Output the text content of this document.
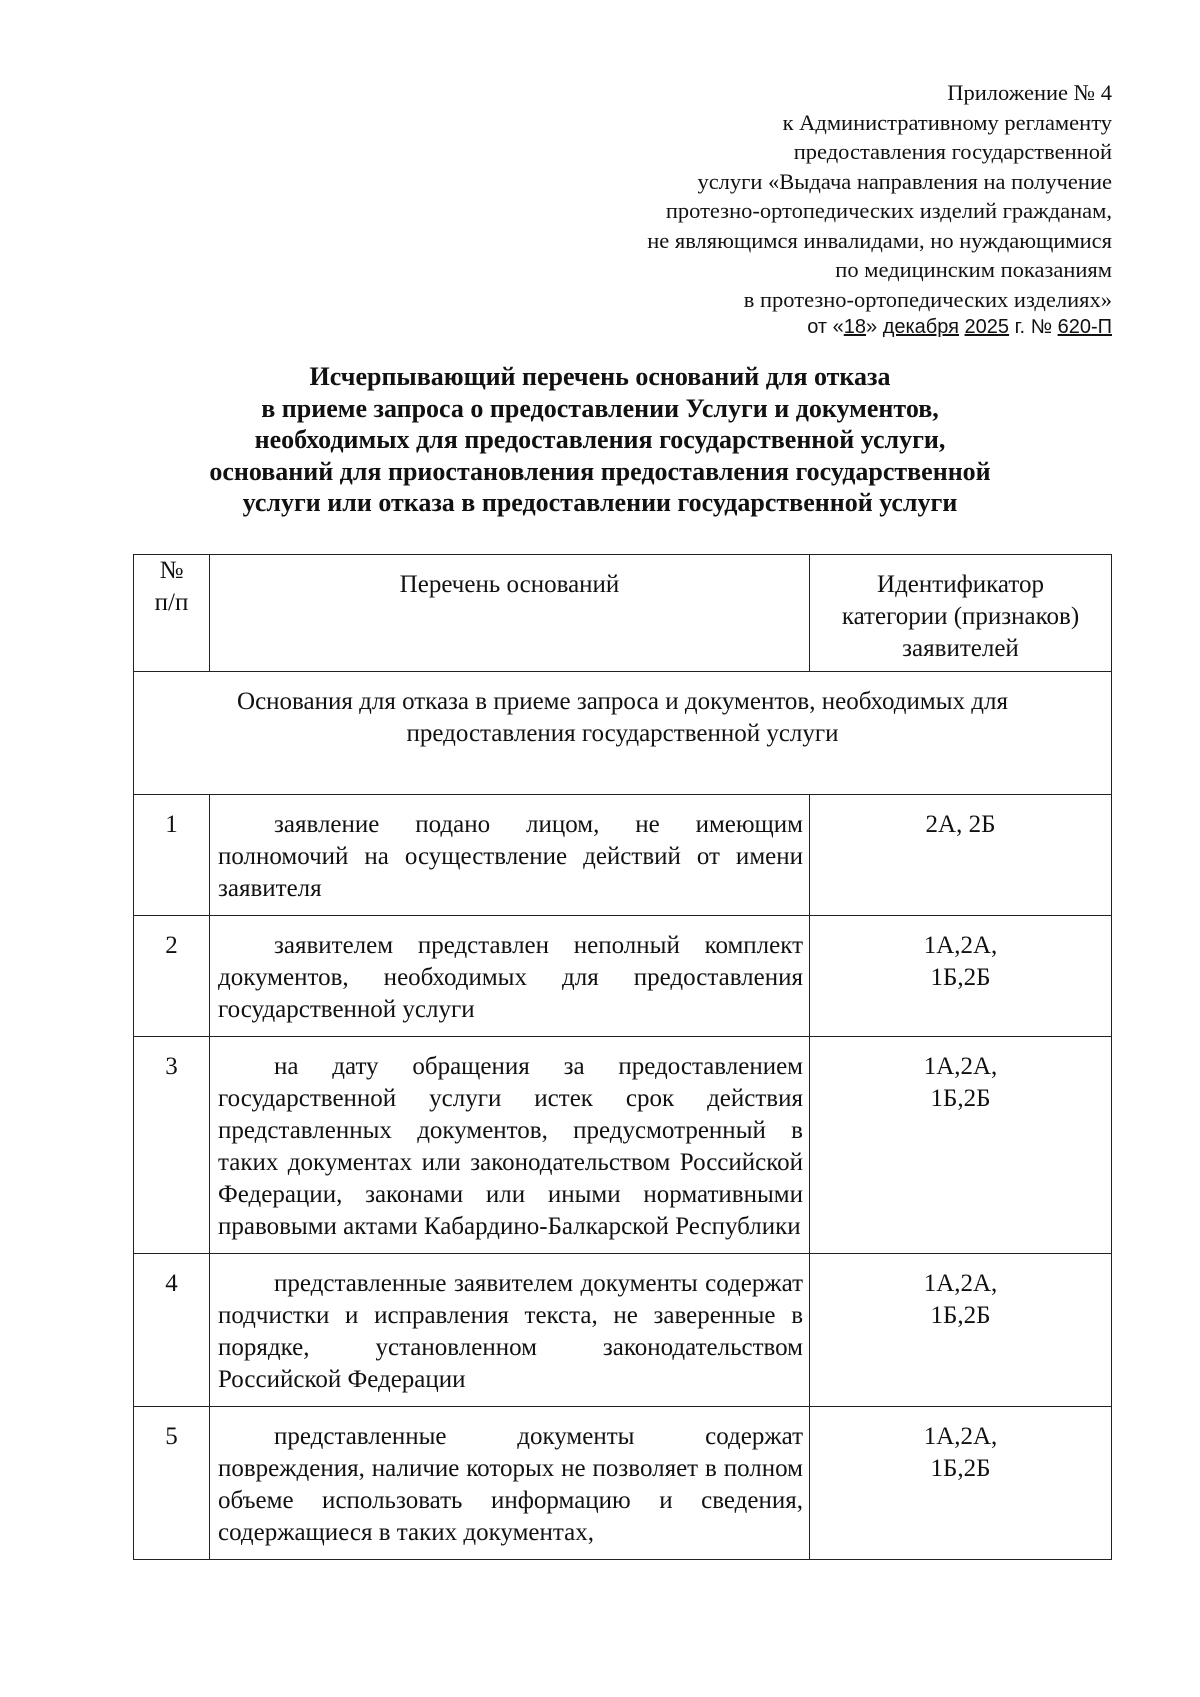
Приложение № 4
к Административному регламенту
предоставления государственной
услуги «Выдача направления на получение
протезно-ортопедических изделий гражданам,
не являющимся инвалидами, но нуждающимися
по медицинским показаниям
в протезно-ортопедических изделиях»
от «18» декабря 2025 г. № 620-П
Исчерпывающий перечень оснований для отказа
в приеме запроса о предоставлении Услуги и документов,
необходимых для предоставления государственной услуги,
оснований для приостановления предоставления государственной
услуги или отказа в предоставлении государственной услуги
№
п/п	Перечень оснований	Идентификатор
категории (признаков)
заявителей

Основания для отказа в приеме запроса и документов, необходимых для предоставления государственной услуги		
1	заявление подано лицом, не имеющим полномочий на осуществление действий от имени заявителя	2А, 2Б

2	заявителем представлен неполный комплект документов, необходимых для предоставления государственной услуги	1А,2А,
1Б,2Б

3	на дату обращения за предоставлением государственной услуги истек срок действия представленных документов, предусмотренный в таких документах или законодательством Российской Федерации, законами или иными нормативными правовыми актами Кабардино-Балкарской Республики	1А,2А,
1Б,2Б

4	представленные заявителем документы содержат подчистки и исправления текста, не заверенные в порядке, установленном законодательством Российской Федерации	1А,2А,
1Б,2Б

5	представленные документы содержат повреждения, наличие которых не позволяет в полном объеме использовать информацию и сведения, содержащиеся в таких документах,	1А,2А,
1Б,2Б
